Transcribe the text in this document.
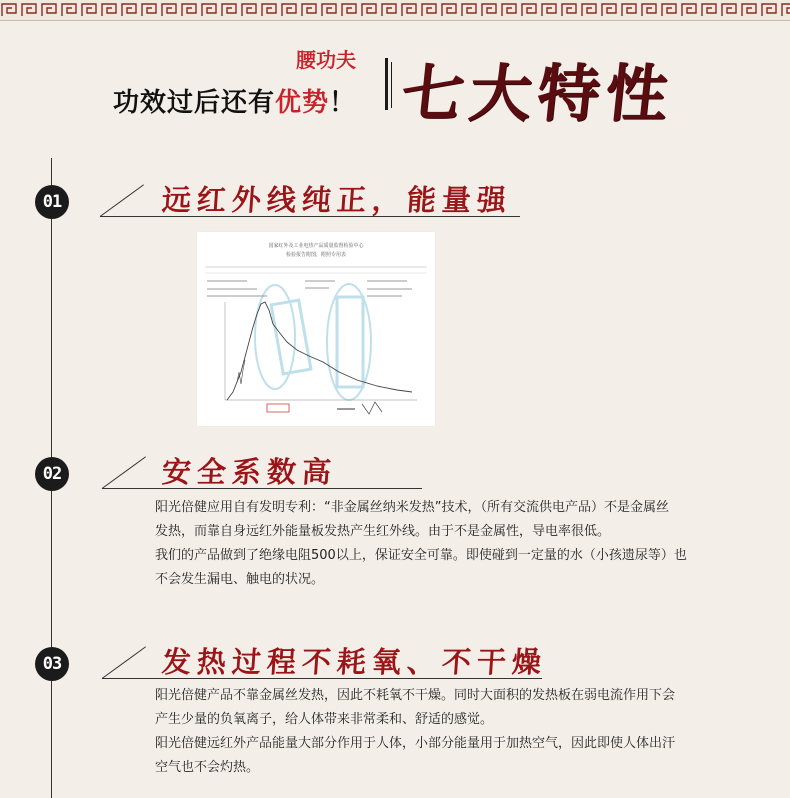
腰功夫
功效过后还有优势！ 七大特性
01	远红外线纯正，能量强
国家红外及工业电热产品质量监督检验中心
检验报告附图，附照专用表
02	安全系数高

阳光倍健应用自有发明专利：“非金属丝纳米发热”技术，（所有交流供电产品）不是金属丝

发热，而靠自身远红外能量板发热产生红外线。由于不是金属性，导电率很低。

我们的产品做到了绝缘电阻500以上，保证安全可靠。即使碰到一定量的水（小孩遗尿等）也

不会发生漏电、触电的状况。

03	发热过程不耗氧、不干燥

阳光倍健产品不靠金属丝发热，因此不耗氧不干燥。同时大面积的发热板在弱电流作用下会

产生少量的负氧离子，给人体带来非常柔和、舒适的感觉。

阳光倍健远红外产品能量大部分作用于人体，小部分能量用于加热空气，因此即使人体出汗

空气也不会灼热。
